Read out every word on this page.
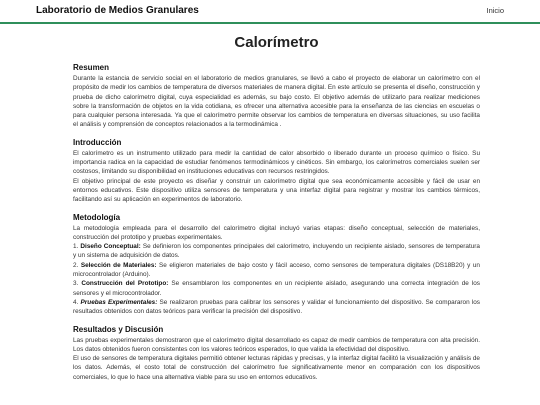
Laboratorio de Medios Granulares	Inicio
Calorímetro
Resumen

Durante la estancia de servicio social en el laboratorio de medios granulares, se llevó a cabo el proyecto de elaborar un calorímetro con el propósito de medir los cambios de temperatura de diversos materiales de manera digital. En este artículo se presenta el diseño, construcción y prueba de dicho calorímetro digital, cuya especialidad es además, su bajo costo. El objetivo además de utilizarlo para realizar mediciones sobre la transformación de objetos en la vida cotidiana, es ofrecer una alternativa accesible para la enseñanza de las ciencias en escuelas o para cualquier persona interesada. Ya que el calorímetro permite observar los cambios de temperatura en diversas situaciones, su uso facilita el análisis y comprensión de conceptos relacionados a la termodinámica .

Introducción

El calorímetro es un instrumento utilizado para medir la cantidad de calor absorbido o liberado durante un proceso químico o físico. Su importancia radica en la capacidad de estudiar fenómenos termodinámicos y cinéticos. Sin embargo, los calorímetros comerciales suelen ser costosos, limitando su disponibilidad en instituciones educativas con recursos restringidos.

El objetivo principal de este proyecto es diseñar y construir un calorímetro digital que sea económicamente accesible y fácil de usar en entornos educativos. Este dispositivo utiliza sensores de temperatura y una interfaz digital para registrar y mostrar los cambios térmicos, facilitando así su aplicación en experimentos de laboratorio.

Metodología

La metodología empleada para el desarrollo del calorímetro digital incluyó varias etapas: diseño conceptual, selección de materiales, construcción del prototipo y pruebas experimentales.

1. Diseño Conceptual: Se definieron los componentes principales del calorímetro, incluyendo un recipiente aislado, sensores de temperatura y un sistema de adquisición de datos.
2. Selección de Materiales: Se eligieron materiales de bajo costo y fácil acceso, como sensores de temperatura digitales (DS18B20) y un microcontrolador (Arduino).
3. Construcción del Prototipo: Se ensamblaron los componentes en un recipiente aislado, asegurando una correcta integración de los sensores y el microcontrolador.
4. Pruebas Experimentales: Se realizaron pruebas para calibrar los sensores y validar el funcionamiento del dispositivo. Se compararon los resultados obtenidos con datos teóricos para verificar la precisión del dispositivo.
Resultados y Discusión

Las pruebas experimentales demostraron que el calorímetro digital desarrollado es capaz de medir cambios de temperatura con alta precisión. Los datos obtenidos fueron consistentes con los valores teóricos esperados, lo que valida la efectividad del dispositivo.

El uso de sensores de temperatura digitales permitió obtener lecturas rápidas y precisas, y la interfaz digital facilitó la visualización y análisis de los datos. Además, el costo total de construcción del calorímetro fue significativamente menor en comparación con los dispositivos comerciales, lo que lo hace una alternativa viable para su uso en entornos educativos.
